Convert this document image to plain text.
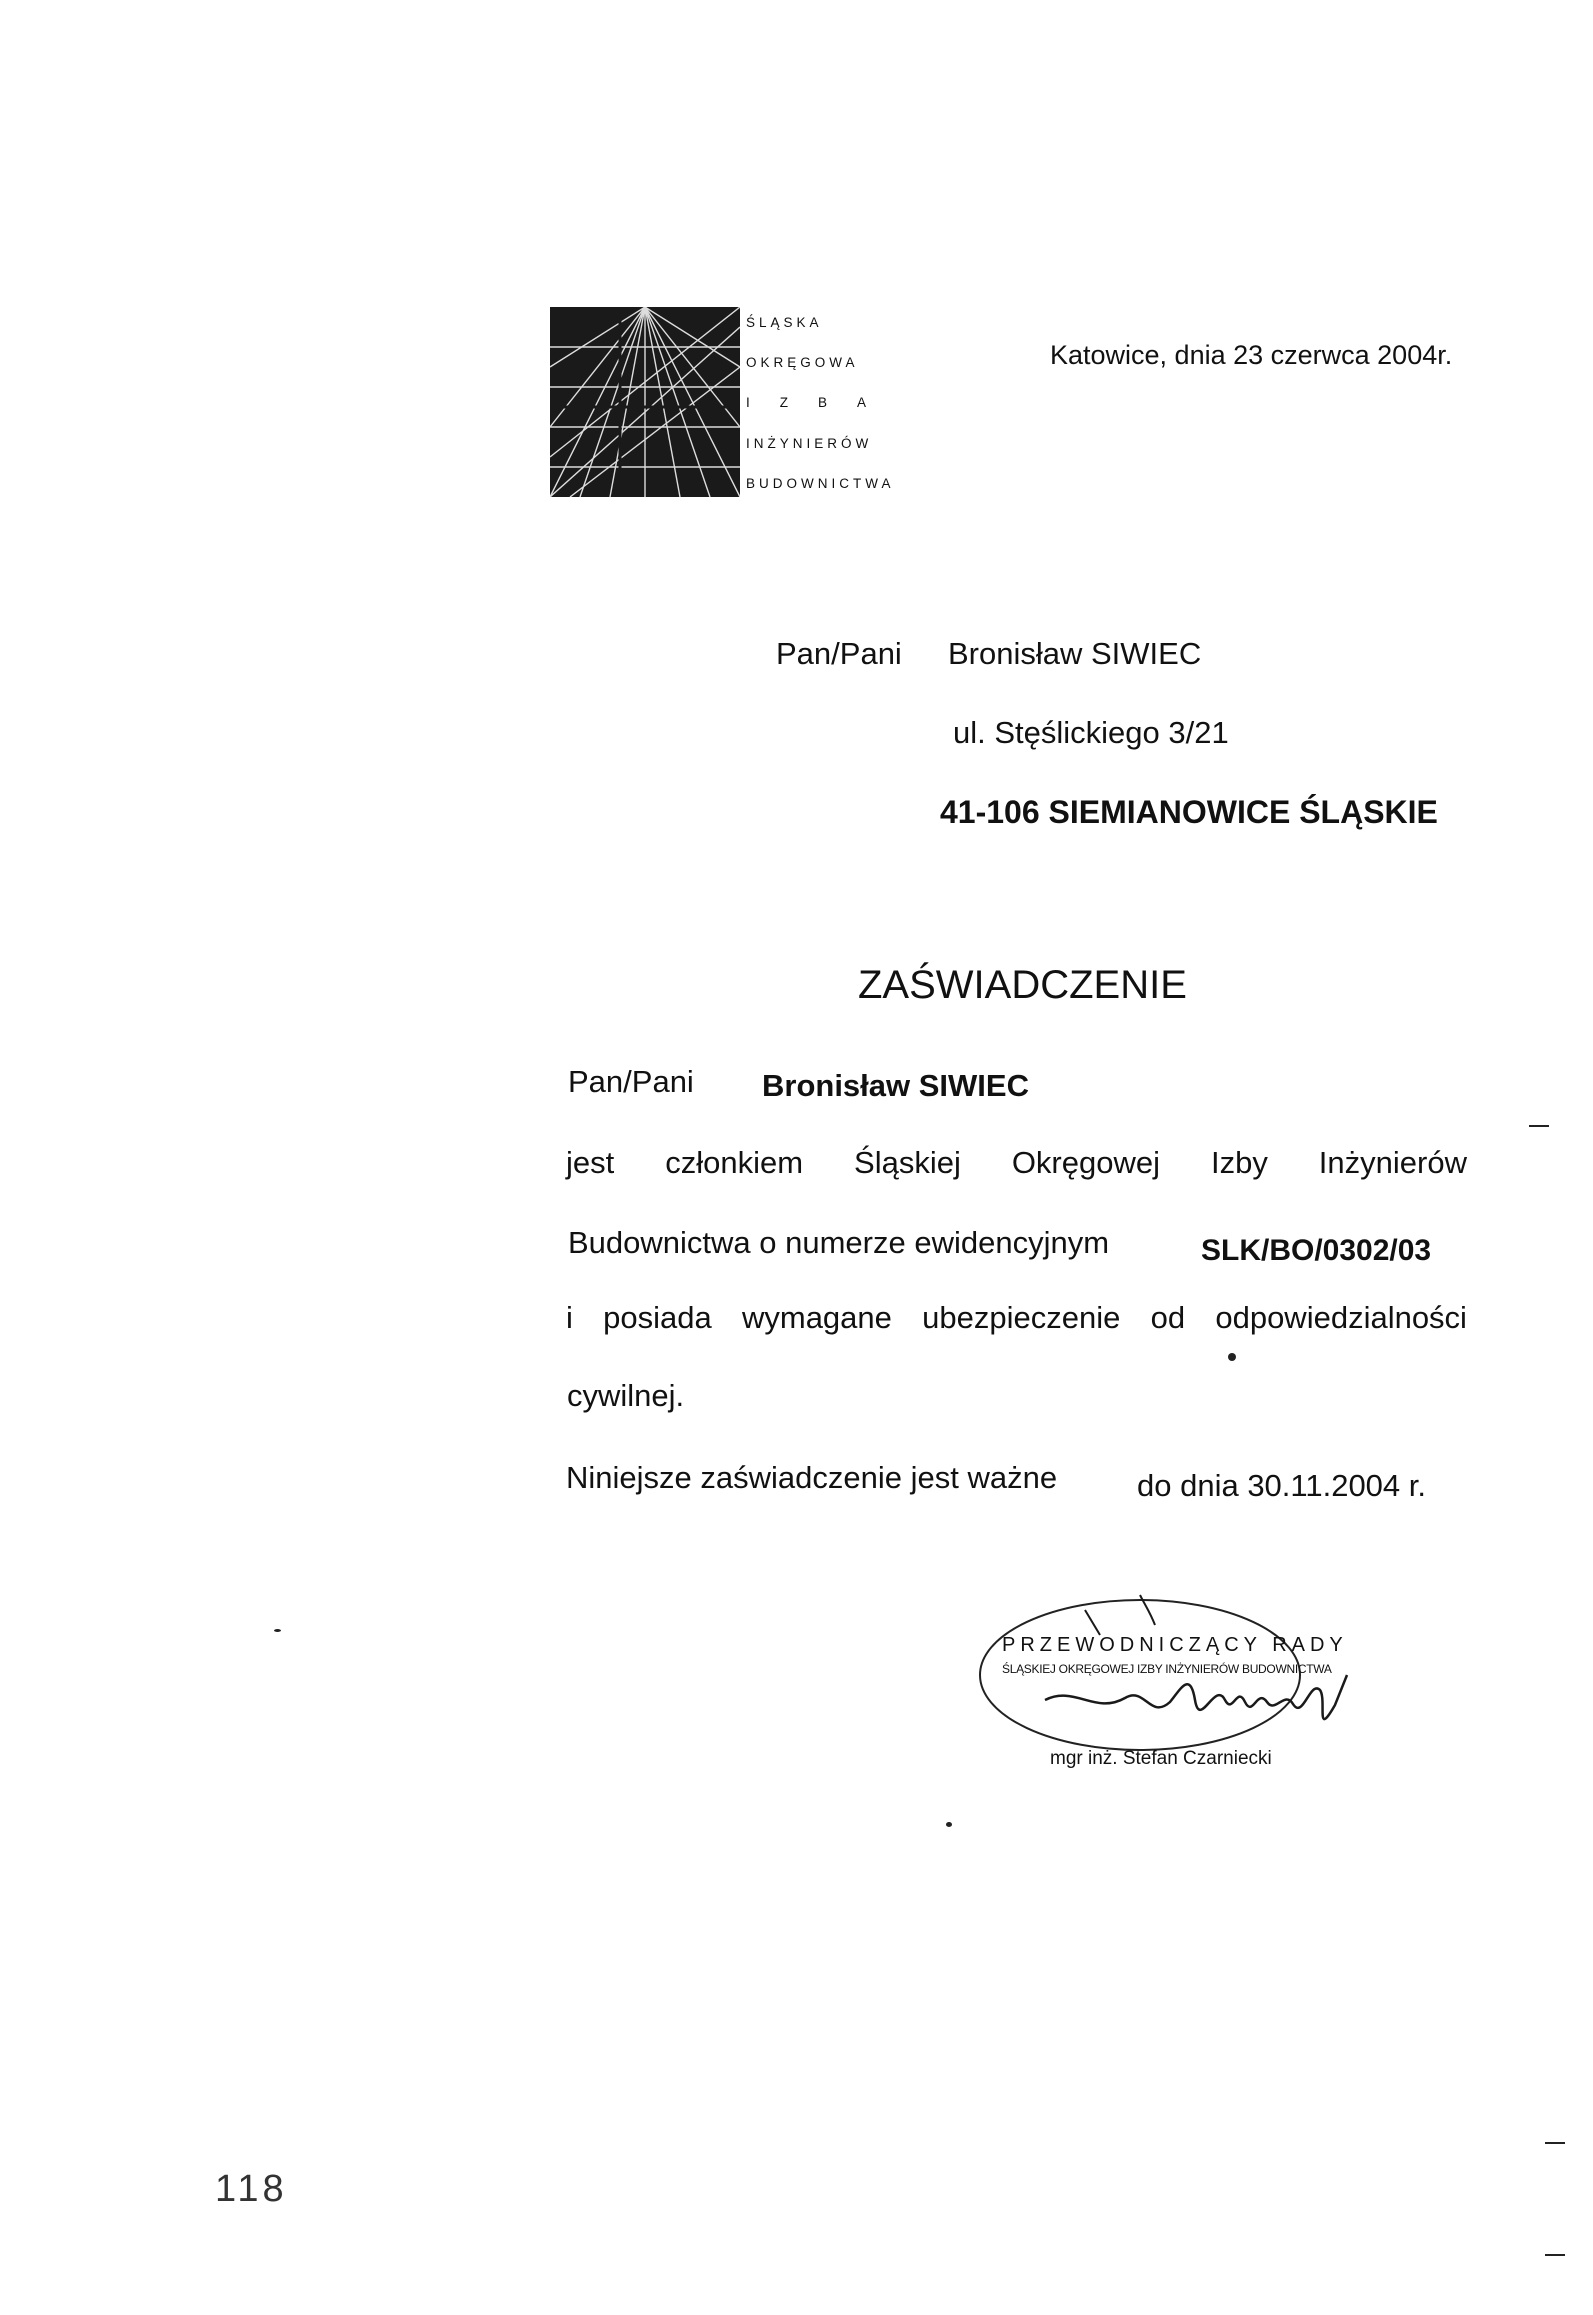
ŚLĄSKA
OKRĘGOWA
IZBA
INŻYNIERÓW
BUDOWNICTWA
Katowice, dnia 23 czerwca 2004r.
Pan/Pani Bronisław SIWIEC
ul. Stęślickiego 3/21
41-106 SIEMIANOWICE ŚLĄSKIE
ZAŚWIADCZENIE
Pan/Pani Bronisław SIWIEC
jest członkiem Śląskiej Okręgowej Izby Inżynierów
Budownictwa o numerze ewidencyjnym	SLK/BO/0302/03
i posiada wymagane ubezpieczenie od odpowiedzialności
cywilnej.
Niniejsze zaświadczenie jest ważne	do dnia 30.11.2004 r.
PRZEWODNICZĄCY RADY
ŚLĄSKIEJ OKRĘGOWEJ IZBY INŻYNIERÓW BUDOWNICTWA
mgr inż. Stefan Czarniecki
118
